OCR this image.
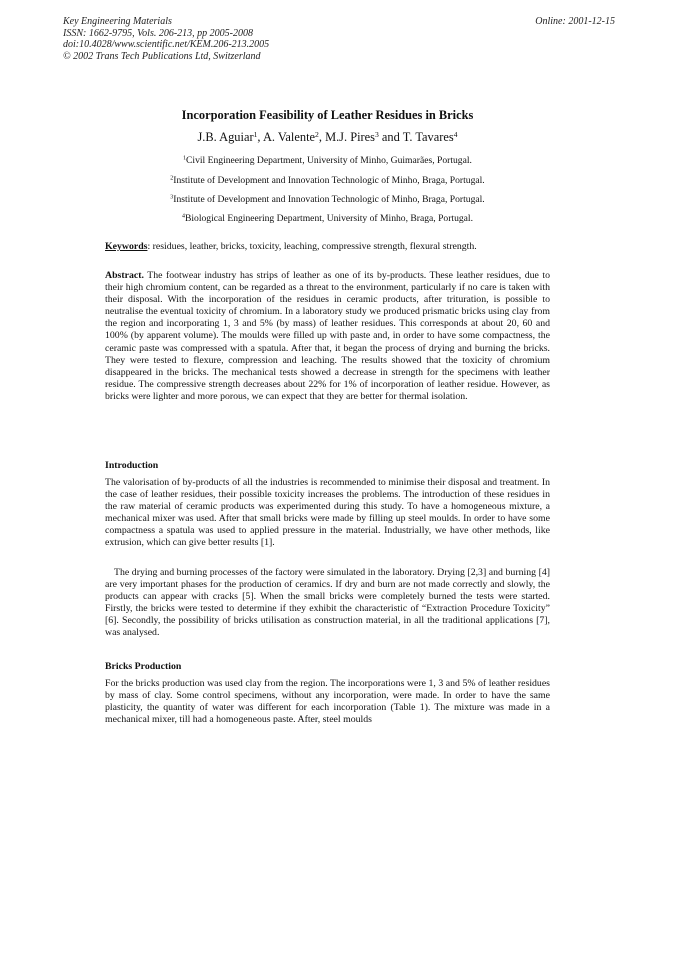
Key Engineering Materials
ISSN: 1662-9795, Vols. 206-213, pp 2005-2008
doi:10.4028/www.scientific.net/KEM.206-213.2005
© 2002 Trans Tech Publications Ltd, Switzerland
Online: 2001-12-15
Incorporation Feasibility of Leather Residues in Bricks
J.B. Aguiar$^1$, A. Valente$^2$, M.J. Pires$^3$ and T. Tavares$^4$
$^1$Civil Engineering Department, University of Minho, Guimarães, Portugal.
$^2$Institute of Development and Innovation Technologic of Minho, Braga, Portugal.
$^3$Institute of Development and Innovation Technologic of Minho, Braga, Portugal.
$^4$Biological Engineering Department, University of Minho, Braga, Portugal.
Keywords: residues, leather, bricks, toxicity, leaching, compressive strength, flexural strength.
Abstract. The footwear industry has strips of leather as one of its by-products. These leather residues, due to their high chromium content, can be regarded as a threat to the environment, particularly if no care is taken with their disposal. With the incorporation of the residues in ceramic products, after trituration, is possible to neutralise the eventual toxicity of chromium. In a laboratory study we produced prismatic bricks using clay from the region and incorporating 1, 3 and 5% (by mass) of leather residues. This corresponds at about 20, 60 and 100% (by apparent volume). The moulds were filled up with paste and, in order to have some compactness, the ceramic paste was compressed with a spatula. After that, it began the process of drying and burning the bricks. They were tested to flexure, compression and leaching. The results showed that the toxicity of chromium disappeared in the bricks. The mechanical tests showed a decrease in strength for the specimens with leather residue. The compressive strength decreases about 22% for 1% of incorporation of leather residue. However, as bricks were lighter and more porous, we can expect that they are better for thermal isolation.
Introduction
The valorisation of by-products of all the industries is recommended to minimise their disposal and treatment. In the case of leather residues, their possible toxicity increases the problems. The introduction of these residues in the raw material of ceramic products was experimented during this study. To have a homogeneous mixture, a mechanical mixer was used. After that small bricks were made by filling up steel moulds. In order to have some compactness a spatula was used to applied pressure in the material. Industrially, we have other methods, like extrusion, which can give better results [1].
The drying and burning processes of the factory were simulated in the laboratory. Drying [2,3] and burning [4] are very important phases for the production of ceramics. If dry and burn are not made correctly and slowly, the products can appear with cracks [5]. When the small bricks were completely burned the tests were started. Firstly, the bricks were tested to determine if they exhibit the characteristic of “Extraction Procedure Toxicity” [6]. Secondly, the possibility of bricks utilisation as construction material, in all the traditional applications [7], was analysed.
Bricks Production
For the bricks production was used clay from the region. The incorporations were 1, 3 and 5% of leather residues by mass of clay. Some control specimens, without any incorporation, were made. In order to have the same plasticity, the quantity of water was different for each incorporation (Table 1). The mixture was made in a mechanical mixer, till had a homogeneous paste. After, steel moulds
